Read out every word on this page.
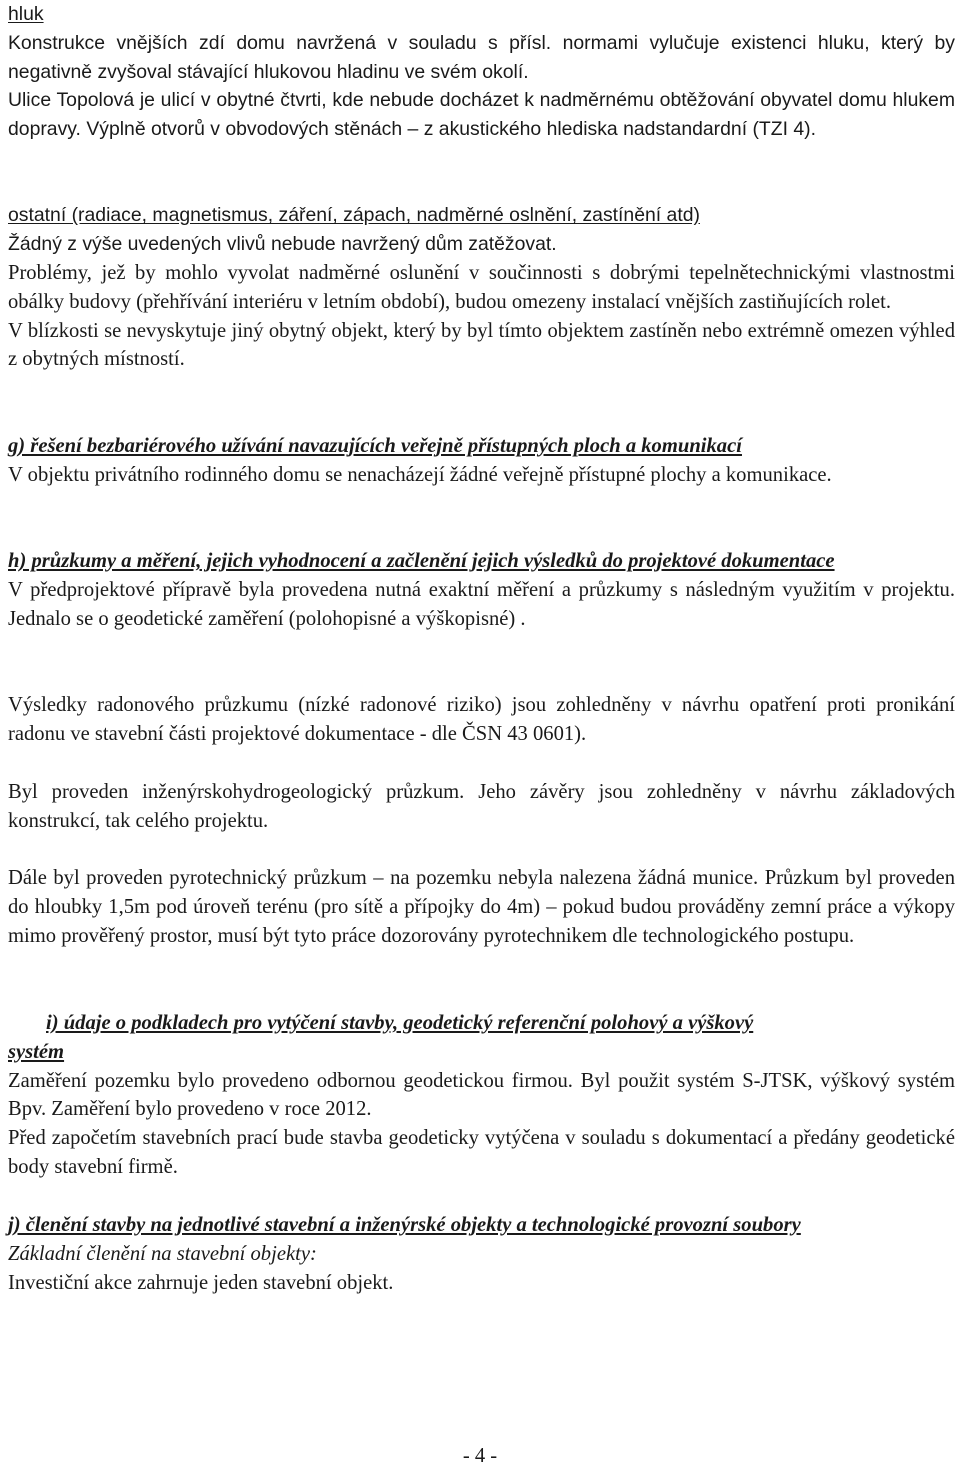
hluk

Konstrukce vnějších zdí domu navržená v souladu s přísl. normami vylučuje existenci hluku, který by negativně zvyšoval stávající hlukovou hladinu ve svém okolí.

Ulice Topolová je ulicí v obytné čtvrti, kde nebude docházet k nadměrnému obtěžování obyvatel domu hlukem dopravy. Výplně otvorů v obvodových stěnách – z akustického hlediska nadstandardní (TZI 4).

ostatní (radiace, magnetismus, záření, zápach, nadměrné oslnění, zastínění atd)

Žádný z výše uvedených vlivů nebude navržený dům zatěžovat.

Problémy, jež by mohlo vyvolat nadměrné oslunění v součinnosti s dobrými tepelnětechnickými vlastnostmi obálky budovy (přehřívání interiéru v letním období), budou omezeny instalací vnějších zastiňujících rolet.

V blízkosti se nevyskytuje jiný obytný objekt, který by byl tímto objektem zastíněn nebo extrémně omezen výhled z obytných místností.

g) řešení bezbariérového užívání navazujících veřejně přístupných ploch a komunikací

V objektu privátního rodinného domu se nenacházejí žádné veřejně přístupné plochy a komunikace.

h) průzkumy a měření, jejich vyhodnocení a začlenění jejich výsledků do projektové dokumentace

V předprojektové přípravě byla provedena nutná exaktní měření a průzkumy s následným využitím v projektu. Jednalo se o geodetické zaměření (polohopisné a výškopisné) .

Výsledky radonového průzkumu (nízké radonové riziko) jsou zohledněny v návrhu opatření proti pronikání radonu ve stavební části projektové dokumentace - dle ČSN 43 0601).

Byl proveden inženýrskohydrogeologický průzkum. Jeho závěry jsou zohledněny v návrhu základových konstrukcí, tak celého projektu.

Dále byl proveden pyrotechnický průzkum – na pozemku nebyla nalezena žádná munice. Průzkum byl proveden do hloubky 1,5m pod úroveň terénu (pro sítě a přípojky do 4m) – pokud budou prováděny zemní práce a výkopy mimo prověřený prostor, musí být tyto práce dozorovány pyrotechnikem dle technologického postupu.

i) údaje o podkladech pro vytýčení stavby, geodetický referenční polohový a výškový

systém

Zaměření pozemku bylo provedeno odbornou geodetickou firmou. Byl použit systém S-JTSK, výškový systém Bpv. Zaměření bylo provedeno v roce 2012.

Před započetím stavebních prací bude stavba geodeticky vytýčena v souladu s dokumentací a předány geodetické body stavební firmě.

j) členění stavby na jednotlivé stavební a inženýrské objekty a technologické provozní soubory

Základní členění na stavební objekty:

Investiční akce zahrnuje jeden stavební objekt.

- 4 -
